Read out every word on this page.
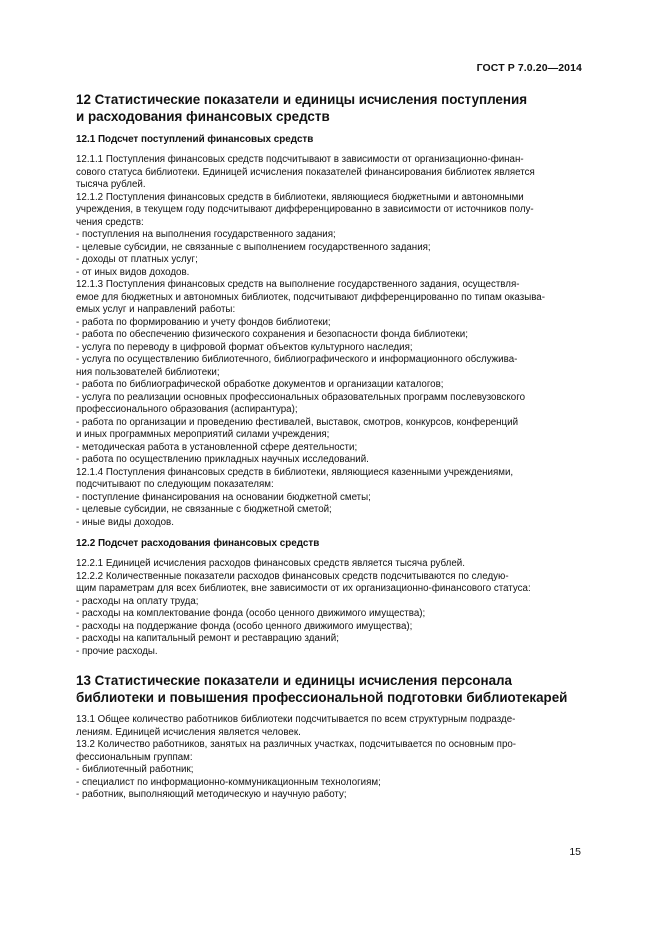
ГОСТ Р 7.0.20—2014
12 Статистические показатели и единицы исчисления поступления
и расходования финансовых средств
12.1 Подсчет поступлений финансовых средств

12.1.1 Поступления финансовых средств подсчитывают в зависимости от организационно-финан-
сового статуса библиотеки. Единицей исчисления показателей финансирования библиотек является
тысяча рублей.

12.1.2 Поступления финансовых средств в библиотеки, являющиеся бюджетными и автономными
учреждения, в текущем году подсчитывают дифференцированно в зависимости от источников полу-
чения средств:

- поступления на выполнения государственного задания;

- целевые субсидии, не связанные с выполнением государственного задания;

- доходы от платных услуг;

- от иных видов доходов.

12.1.3 Поступления финансовых средств на выполнение государственного задания, осуществля-
емое для бюджетных и автономных библиотек, подсчитывают дифференцированно по типам оказыва-
емых услуг и направлений работы:

- работа по формированию и учету фондов библиотеки;

- работа по обеспечению физического сохранения и безопасности фонда библиотеки;

- услуга по переводу в цифровой формат объектов культурного наследия;

- услуга по осуществлению библиотечного, библиографического и информационного обслужива-

ния пользователей библиотеки;

- работа по библиографической обработке документов и организации каталогов;

- услуга по реализации основных профессиональных образовательных программ послевузовского

профессионального образования (аспирантура);

- работа по организации и проведению фестивалей, выставок, смотров, конкурсов, конференций

и иных программных мероприятий силами учреждения;

- методическая работа в установленной сфере деятельности;

- работа по осуществлению прикладных научных исследований.

12.1.4 Поступления финансовых средств в библиотеки, являющиеся казенными учреждениями,
подсчитывают по следующим показателям:

- поступление финансирования на основании бюджетной сметы;

- целевые субсидии, не связанные с бюджетной сметой;

- иные виды доходов.

12.2 Подсчет расходования финансовых средств

12.2.1 Единицей исчисления расходов финансовых средств является тысяча рублей.

12.2.2 Количественные показатели расходов финансовых средств подсчитываются по следую-
щим параметрам для всех библиотек, вне зависимости от их организационно-финансового статуса:

- расходы на оплату труда;

- расходы на комплектование фонда (особо ценного движимого имущества);

- расходы на поддержание фонда (особо ценного движимого имущества);

- расходы на капитальный ремонт и реставрацию зданий;

- прочие расходы.

13 Статистические показатели и единицы исчисления персонала
библиотеки и повышения профессиональной подготовки библиотекарей

13.1 Общее количество работников библиотеки подсчитывается по всем структурным подразде-
лениям. Единицей исчисления является человек.

13.2 Количество работников, занятых на различных участках, подсчитывается по основным про-
фессиональным группам:

- библиотечный работник;

- специалист по информационно-коммуникационным технологиям;

- работник, выполняющий методическую и научную работу;

15
